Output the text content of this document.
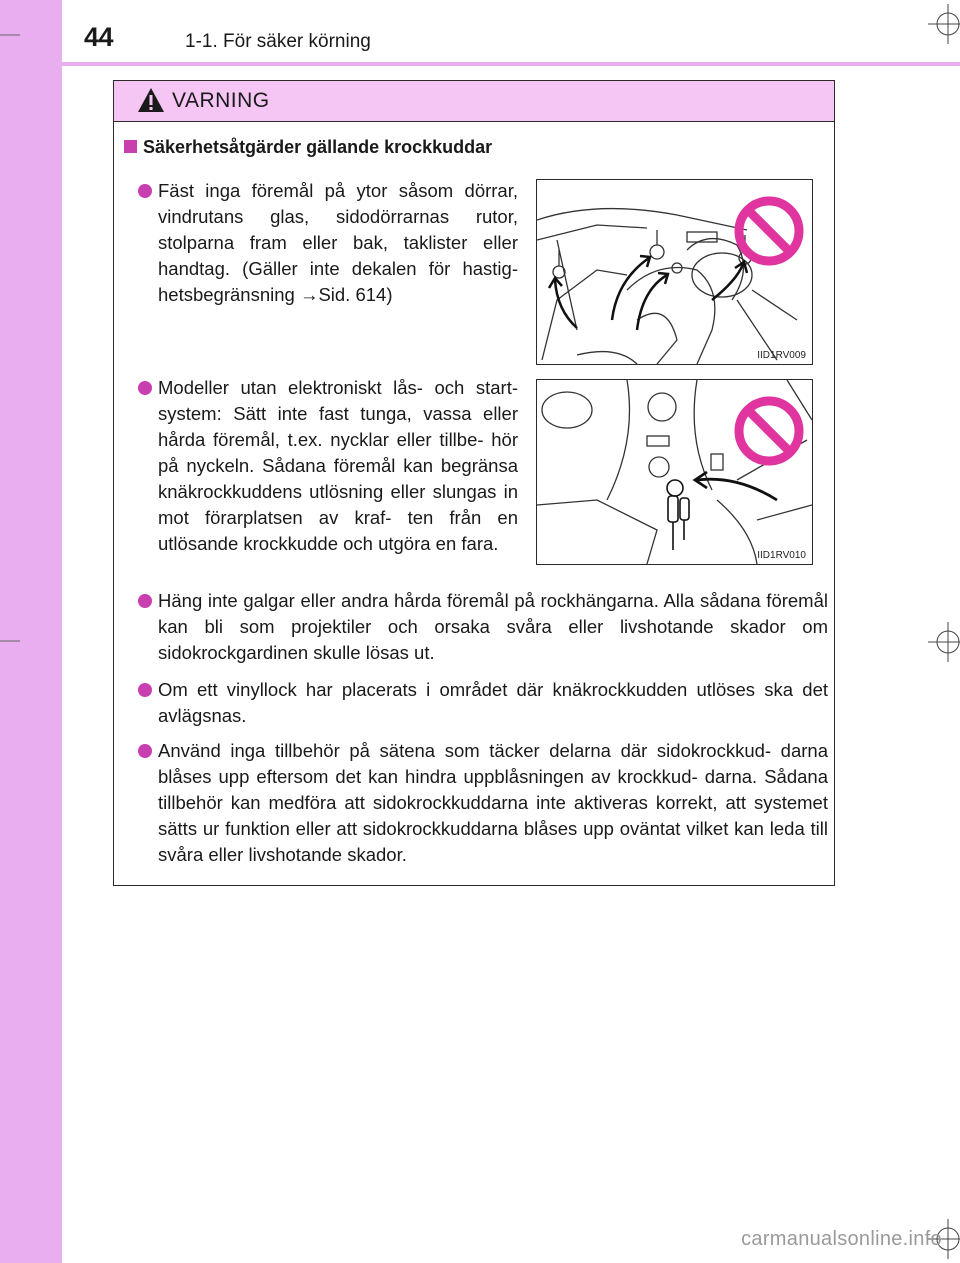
44	1-1. För säker körning
VARNING
Säkerhetsåtgärder gällande krockkuddar
Fäst inga föremål på ytor såsom dörrar, vindrutans glas, sidodörrarnas rutor, stolparna fram eller bak, taklister eller handtag. (Gäller inte dekalen för hastig- hetsbegränsning →Sid. 614)
IID1RV009
Modeller utan elektroniskt lås- och start- system: Sätt inte fast tunga, vassa eller hårda föremål, t.ex. nycklar eller tillbe- hör på nyckeln. Sådana föremål kan begränsa knäkrockkuddens utlösning eller slungas in mot förarplatsen av kraf- ten från en utlösande krockkudde och utgöra en fara.
IID1RV010
Häng inte galgar eller andra hårda föremål på rockhängarna. Alla sådana föremål kan bli som projektiler och orsaka svåra eller livshotande skador om sidokrockgardinen skulle lösas ut.
Om ett vinyllock har placerats i området där knäkrockkudden utlöses ska det avlägsnas.
Använd inga tillbehör på sätena som täcker delarna där sidokrockkud- darna blåses upp eftersom det kan hindra uppblåsningen av krockkud- darna. Sådana tillbehör kan medföra att sidokrockkuddarna inte aktiveras korrekt, att systemet sätts ur funktion eller att sidokrockkuddarna blåses upp oväntat vilket kan leda till svåra eller livshotande skador.
carmanualsonline.info
